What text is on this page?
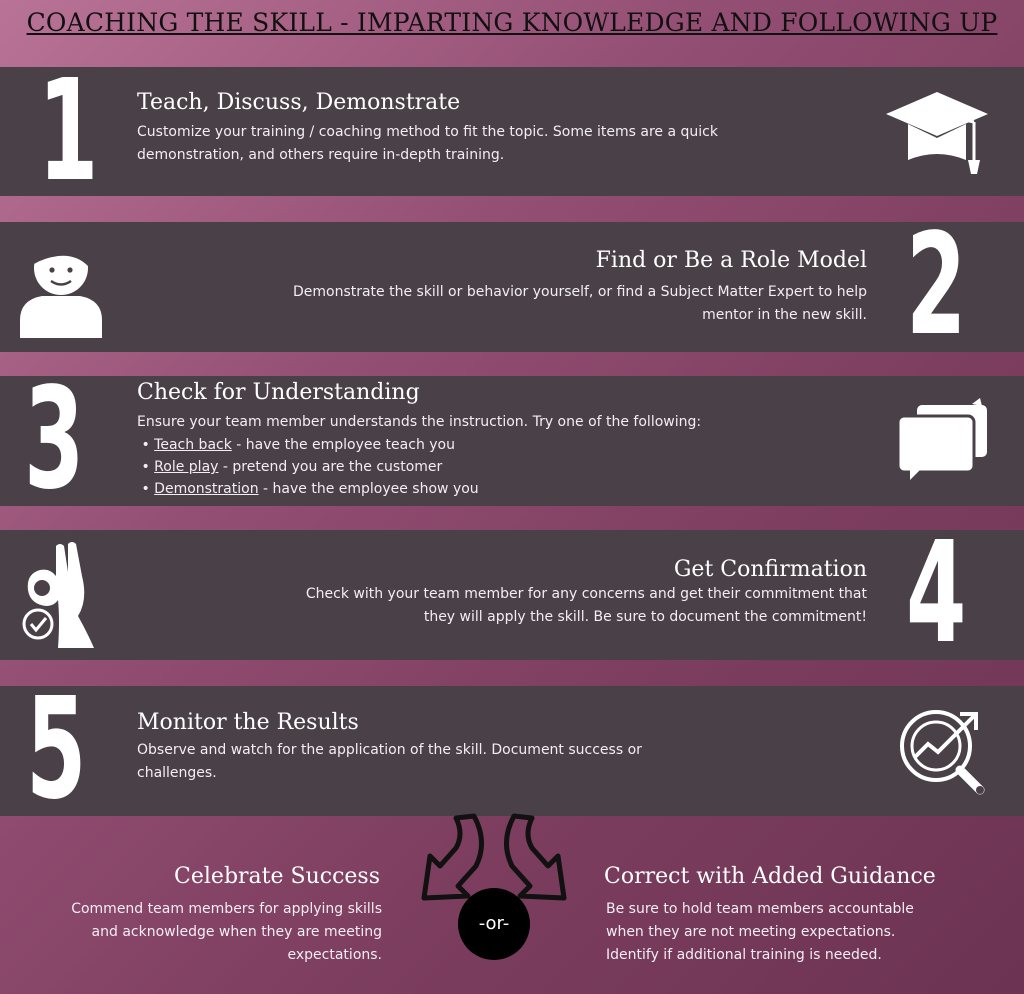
COACHING THE SKILL - IMPARTING KNOWLEDGE AND FOLLOWING UP
1 Teach, Discuss, Demonstrate
Customize your training / coaching method to fit the topic. Some items are a quick
demonstration, and others require in-depth training.
Find or Be a Role Model
Demonstrate the skill or behavior yourself, or find a Subject Matter Expert to help
mentor in the new skill. 2
3 Check for Understanding
Ensure your team member understands the instruction. Try one of the following:
• Teach back - have the employee teach you
• Role play - pretend you are the customer
• Demonstration - have the employee show you
Get Confirmation
Check with your team member for any concerns and get their commitment that
they will apply the skill. Be sure to document the commitment! 4
5 Monitor the Results
Observe and watch for the application of the skill. Document success or
challenges.
Celebrate Success
Commend team members for applying skills
and acknowledge when they are meeting
expectations.
-or-
Correct with Added Guidance
Be sure to hold team members accountable
when they are not meeting expectations.
Identify if additional training is needed.
